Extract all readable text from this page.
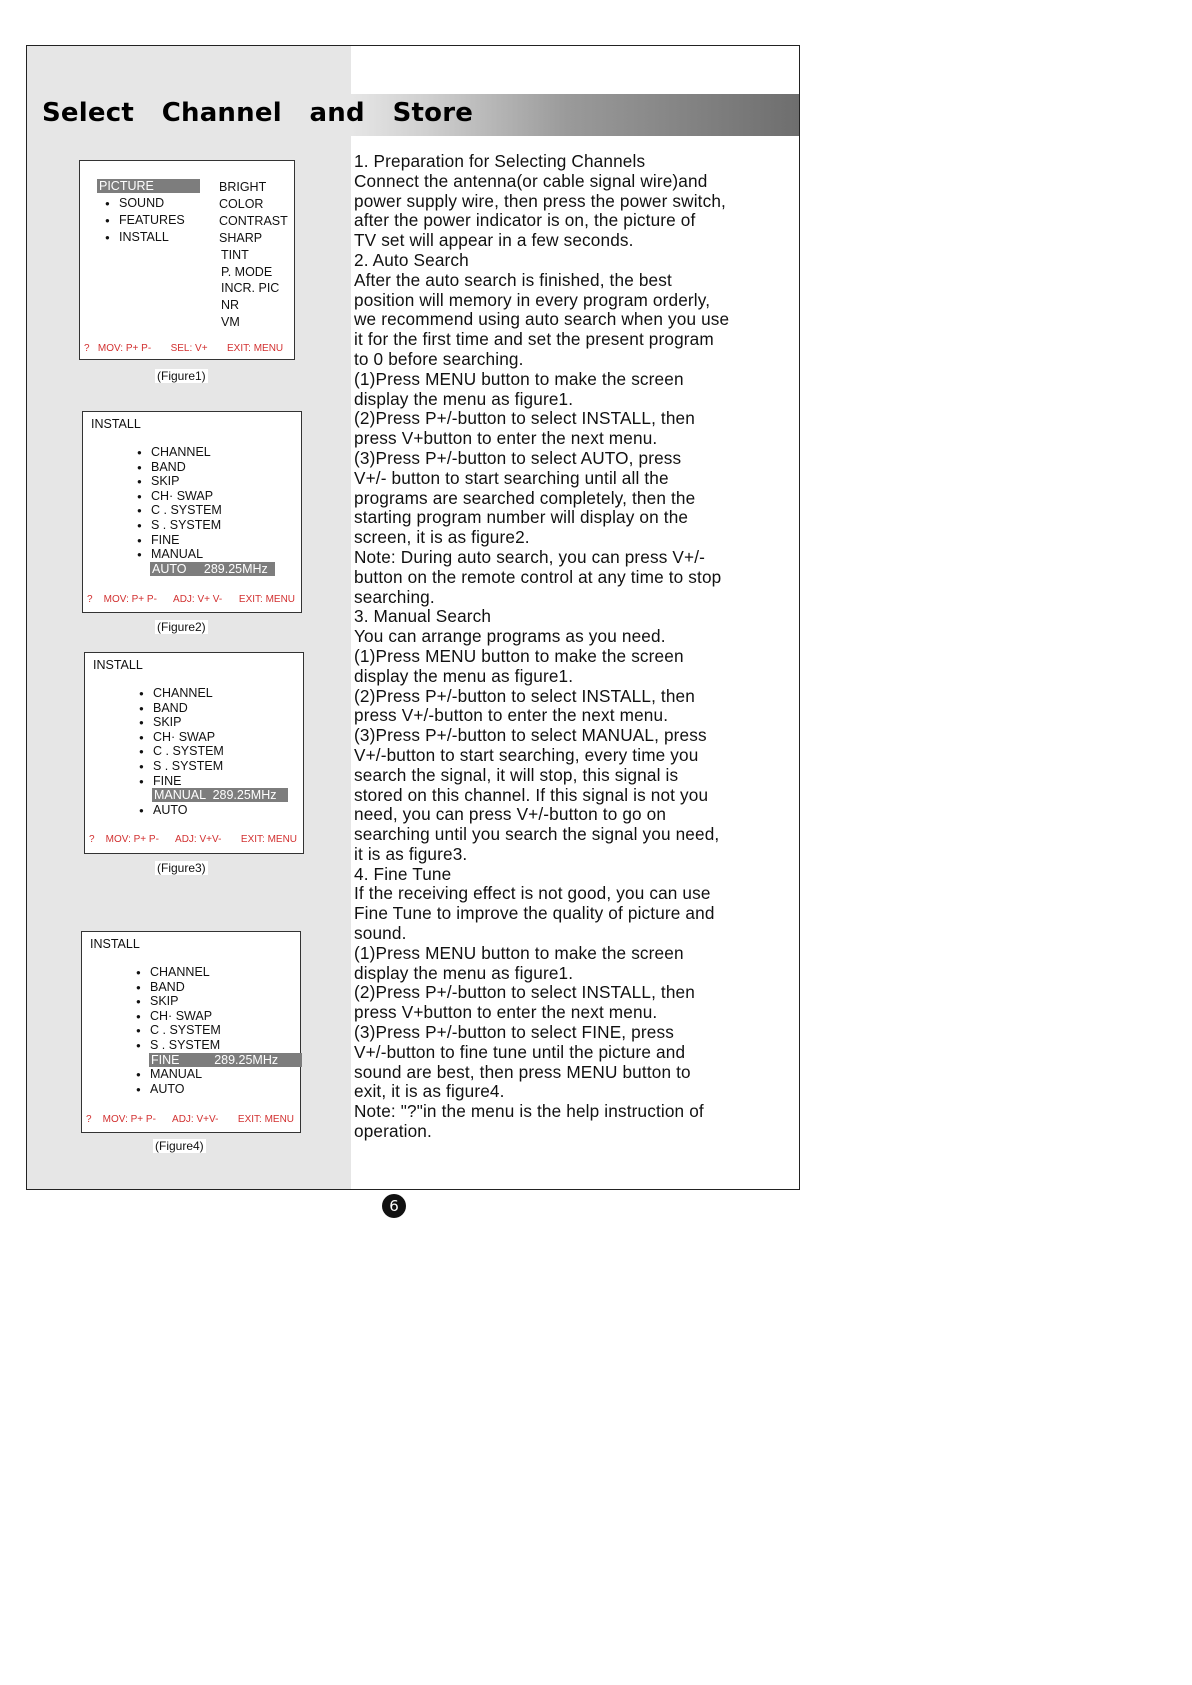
Select   Channel   and   Store
● PICTURE
● SOUND
● FEATURES
● INSTALL
BRIGHT
COLOR
CONTRAST
SHARP
TINT
P. MODE
INCR. PIC
NR
VM
?   MOV: P+ P-       SEL: V+       EXIT: MENU
(Figure1)
INSTALL
● CHANNEL
● BAND
● SKIP
● CH· SWAP
● C . SYSTEM
● S . SYSTEM
● FINE
● MANUAL
● AUTO     289.25MHz
?    MOV: P+ P-      ADJ: V+ V-      EXIT: MENU
(Figure2)
INSTALL
● CHANNEL
● BAND
● SKIP
● CH· SWAP
● C . SYSTEM
● S . SYSTEM
● FINE
● MANUAL  289.25MHz
● AUTO
?    MOV: P+ P-      ADJ: V+V-       EXIT: MENU
(Figure3)
INSTALL
● CHANNEL
● BAND
● SKIP
● CH· SWAP
● C . SYSTEM
● S . SYSTEM
● FINE          289.25MHz
● MANUAL
● AUTO
?    MOV: P+ P-      ADJ: V+V-       EXIT: MENU
(Figure4)
1. Preparation for Selecting Channels
Connect the antenna(or cable signal wire)and
power supply wire, then press the power switch,
after the power indicator is on, the picture of
TV set will appear in a few seconds.
2. Auto Search
After the auto search is finished, the best
position will memory in every program orderly,
we recommend using auto search when you use
it for the first time and set the present program
to 0 before searching.
(1)Press MENU button to make the screen
display the menu as figure1.
(2)Press P+/-button to select INSTALL, then
press V+button to enter the next menu.
(3)Press P+/-button to select AUTO, press
V+/- button to start searching until all the
programs are searched completely, then the
starting program number will display on the
screen, it is as figure2.
Note: During auto search, you can press V+/-
button on the remote control at any time to stop
searching.
3. Manual Search
You can arrange programs as you need.
(1)Press MENU button to make the screen
display the menu as figure1.
(2)Press P+/-button to select INSTALL, then
press V+/-button to enter the next menu.
(3)Press P+/-button to select MANUAL, press
V+/-button to start searching, every time you
search the signal, it will stop, this signal is
stored on this channel. If this signal is not you
need, you can press V+/-button to go on
searching until you search the signal you need,
it is as figure3.
4. Fine Tune
If the receiving effect is not good, you can use
Fine Tune to improve the quality of picture and
sound.
(1)Press MENU button to make the screen
display the menu as figure1.
(2)Press P+/-button to select INSTALL, then
press V+button to enter the next menu.
(3)Press P+/-button to select FINE, press
V+/-button to fine tune until the picture and
sound are best, then press MENU button to
exit, it is as figure4.
Note: "?"in the menu is the help instruction of
operation.
6
